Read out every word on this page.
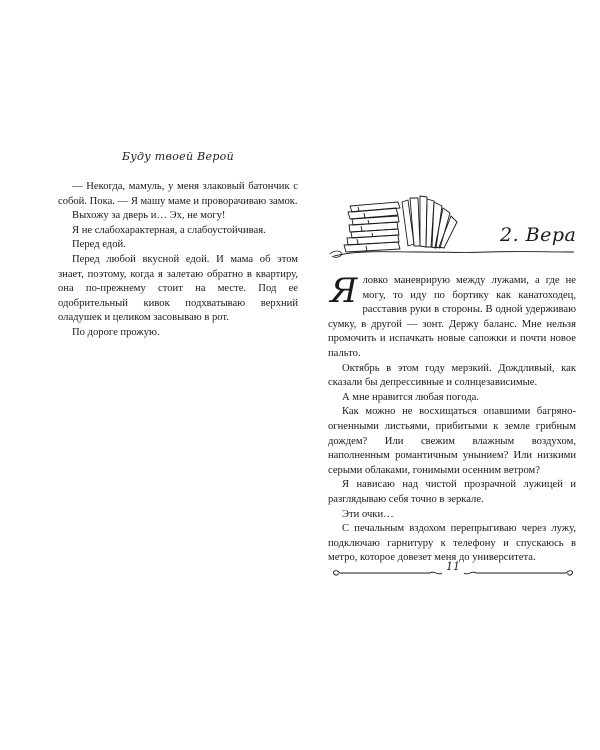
Буду твоей Верой

— Некогда, мамуль, у меня злаковый батончик с собой. Пока. — Я машу маме и проворачиваю замок.

Выхожу за дверь и… Эх, не могу!

Я не слабохарактерная, а слабоустойчивая.

Перед едой.

Перед любой вкусной едой. И мама об этом знает, поэтому, когда я залетаю обратно в квартиру, она по-прежнему стоит на месте. Под ее одобрительный кивок подхватываю верхний оладушек и целиком засовываю в рот.

По дороге прожую.

2. Вера

Я ловко маневрирую между лужами, а где не могу, то иду по бортику как канатоходец, расставив руки в стороны. В одной удерживаю сумку, в другой — зонт. Держу баланс. Мне нельзя промочить и испачкать новые сапожки и почти новое пальто.

Октябрь в этом году мерзкий. Дождливый, как сказали бы депрессивные и солнцезависимые.

А мне нравится любая погода.

Как можно не восхищаться опавшими багряно-огненными листьями, прибитыми к земле грибным дождем? Или свежим влажным воздухом, наполненным романтичным унынием? Или низкими серыми облаками, гонимыми осенним ветром?

Я нависаю над чистой прозрачной лужицей и разглядываю себя точно в зеркале.

Эти очки…

С печальным вздохом перепрыгиваю через лужу, подключаю гарнитуру к телефону и спускаюсь в метро, которое довезет меня до университета.

11
